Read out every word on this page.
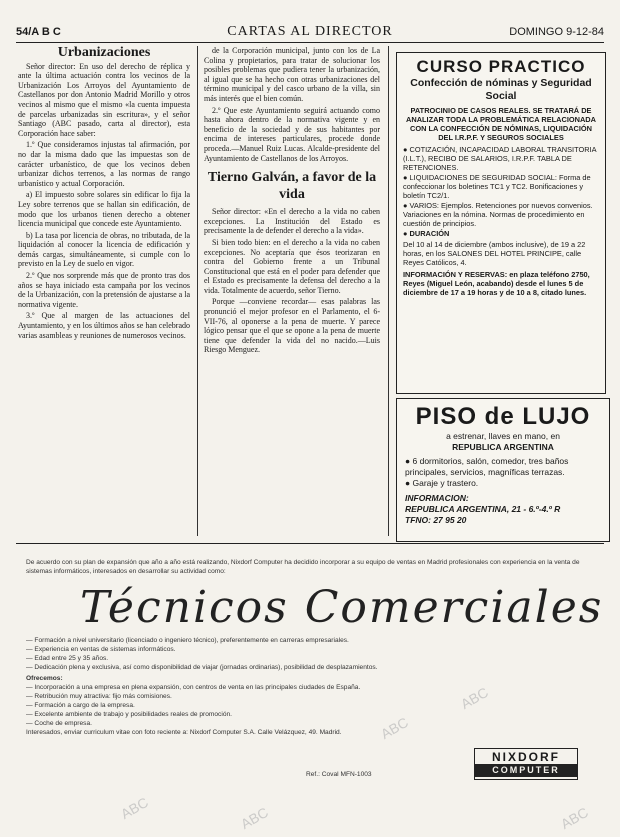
54/A B C	CARTAS AL DIRECTOR	DOMINGO 9-12-84
Urbanizaciones

Señor director: En uso del derecho de réplica y ante la última actuación contra los vecinos de la Urbanización Los Arroyos del Ayuntamiento de Castellanos por don Antonio Madrid Morillo y otros vecinos al mismo que el mismo «la cuenta impuesta de parcelas urbanizadas sin escritura», y el señor Santiago (ABC pasado, carta al director), esta Corporación hace saber:

1.º Que consideramos injustas tal afirmación, por no dar la misma dado que las impuestas son de carácter urbanístico, de que los vecinos deben urbanizar dichos terrenos, a las normas de rango urbanístico y actual Corporación.

a) El impuesto sobre solares sin edificar lo fija la Ley sobre terrenos que se hallan sin edificación, de modo que los urbanos tienen derecho a obtener licencia municipal que concede este Ayuntamiento.

b) La tasa por licencia de obras, no tributada, de la liquidación al conocer la licencia de edificación y demás cargas, simultáneamente, si cumple con lo previsto en la Ley de suelo en vigor.

2.º Que nos sorprende más que de pronto tras dos años se haya iniciado esta campaña por los vecinos de la Urbanización, con la pretensión de ajustarse a la normativa vigente.

3.º Que al margen de las actuaciones del Ayuntamiento, y en los últimos años se han celebrado varias asambleas y reuniones de numerosos vecinos.

de la Corporación municipal, junto con los de La Colina y propietarios, para tratar de solucionar los posibles problemas que pudiera tener la urbanización, al igual que se ha hecho con otras urbanizaciones del término municipal y del casco urbano de la villa, sin más interés que el bien común.

2.º Que este Ayuntamiento seguirá actuando como hasta ahora dentro de la normativa vigente y en beneficio de la sociedad y de sus habitantes por encima de intereses particulares, procede donde proceda.—Manuel Ruiz Lucas. Alcalde-presidente del Ayuntamiento de Castellanos de los Arroyos.

Tierno Galván, a favor de la vida

Señor director: «En el derecho a la vida no caben excepciones. La Institución del Estado es precisamente la de defender el derecho a la vida».

Si bien todo bien: en el derecho a la vida no caben excepciones. No aceptaría que ésos teorizaran en contra del Gobierno frente a un Tribunal Constitucional que está en el poder para defender que el Estado es precisamente la defensa del derecho a la vida. Totalmente de acuerdo, señor Tierno.

Porque —conviene recordar— esas palabras las pronunció el mejor profesor en el Parlamento, el 6-VII-76, al oponerse a la pena de muerte. Y parece lógico pensar que el que se opone a la pena de muerte tiene que defender la vida del no nacido.—Luis Riesgo Menguez.

CURSO PRACTICO
Confección de nóminas y Seguridad Social
PATROCINIO DE CASOS REALES. SE TRATARÁ DE ANALIZAR TODA LA PROBLEMÁTICA RELACIONADA CON LA CONFECCIÓN DE NÓMINAS, LIQUIDACIÓN DEL I.R.P.F. Y SEGUROS SOCIALES
● COTIZACIÓN, INCAPACIDAD LABORAL TRANSITORIA (I.L.T.), RECIBO DE SALARIOS, I.R.P.F. TABLA DE RETENCIONES.
● LIQUIDACIONES DE SEGURIDAD SOCIAL: Forma de confeccionar los boletines TC1 y TC2. Bonificaciones y boletín TC2/1.
● VARIOS: Ejemplos. Retenciones por nuevos convenios. Variaciones en la nómina. Normas de procedimiento en cuestión de principios.
● DURACIÓN
Del 10 al 14 de diciembre (ambos inclusive), de 19 a 22 horas, en los SALONES DEL HOTEL PRINCIPE, calle Reyes Católicos, 4.
INFORMACIÓN Y RESERVAS: en plaza teléfono 2750, Reyes (Miguel León, acabando) desde el lunes 5 de diciembre de 17 a 19 horas y de 10 a 8, citado lunes.
PISO de LUJO
a estrenar, llaves en mano, en
REPUBLICA ARGENTINA
● 6 dormitorios, salón, comedor, tres baños principales, servicios, magníficas terrazas.
● Garaje y trastero.
INFORMACION:
REPUBLICA ARGENTINA, 21 - 6.º-4.º R
TFNO: 27 95 20
De acuerdo con su plan de expansión que año a año está realizando, Nixdorf Computer ha decidido incorporar a su equipo de ventas en Madrid profesionales con experiencia en la venta de sistemas informáticos, interesados en desarrollar su actividad como:
Técnicos Comerciales
— Formación a nivel universitario (licenciado o ingeniero técnico), preferentemente en carreras empresariales.
— Experiencia en ventas de sistemas informáticos.
— Edad entre 25 y 35 años.
— Dedicación plena y exclusiva, así como disponibilidad de viajar (jornadas ordinarias), posibilidad de desplazamientos.
Ofrecemos:
— Incorporación a una empresa en plena expansión, con centros de venta en las principales ciudades de España.
— Retribución muy atractiva: fijo más comisiones.
— Formación a cargo de la empresa.
— Excelente ambiente de trabajo y posibilidades reales de promoción.
— Coche de empresa.
Interesados, enviar curriculum vitae con foto reciente a: Nixdorf Computer S.A. Calle Velázquez, 49. Madrid.
Ref.: Coval MFN-1003
NIXDORF
COMPUTER
ABC
ABC
ABC	ABC	ABC
